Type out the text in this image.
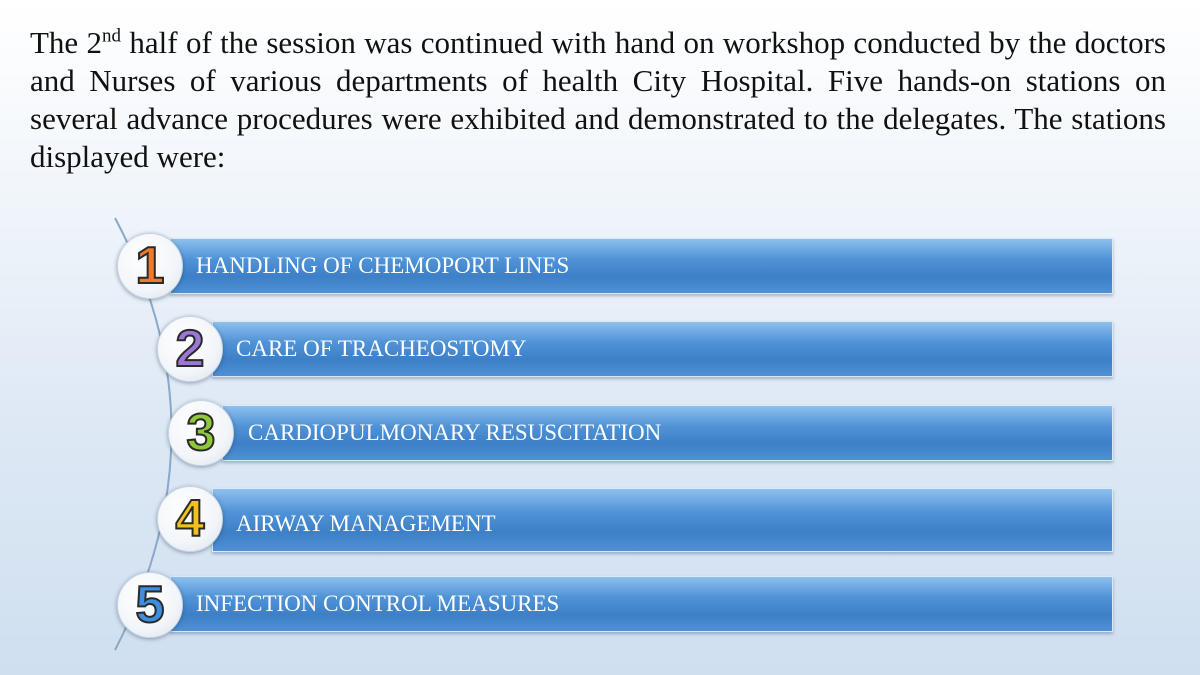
The 2nd half of the session was continued with hand on workshop conducted by the doctors and Nurses of various departments of health City Hospital. Five hands-on stations on several advance procedures were exhibited and demonstrated to the delegates. The stations displayed were:

HANDLING OF CHEMOPORT LINES
CARE OF TRACHEOSTOMY
CARDIOPULMONARY RESUSCITATION
AIRWAY MANAGEMENT
INFECTION CONTROL MEASURES
1
2
3
4
5
